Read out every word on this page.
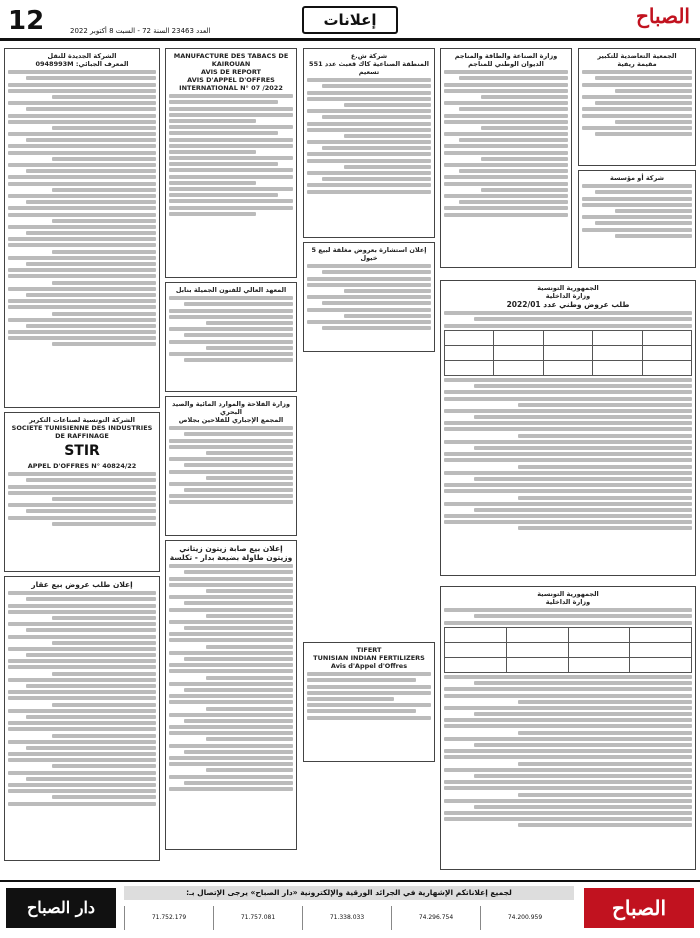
12	العدد 23463 السنة 72 - السبت 8 أكتوبر 2022
إعلانات	الصباح
الجمعية التعاضدية للتكبير
مقيمة ريفية
شركة أو مؤسسة
وزارة الصناعة والطاقة والمناجم
الديوان الوطني للمناجم
شركة ش.ع
المنطقة الصناعية كاك قعبث عدد 551 تسعيم
إعلان استشارة بعروض مغلقة لبيع 5 خيول
TIFERT
TUNISIAN INDIAN FERTILIZERS
Avis d'Appel d'Offres
MANUFACTURE DES TABACS DE KAIROUAN
AVIS DE REPORT
AVIS D'APPEL D'OFFRES INTERNATIONAL N° 07 /2022
المعهد العالي للفنون الجميلة بنابل
وزارة الفلاحة والموارد المائية والصيد البحري
المجمع الإجباري للفلاحين بجلاص
إعلان بيع صابة زيتون زيتاني وزيتون طاولة بضيعة بدار - تكلسة
الشركة الجديدة للنقل
المعرف الجبائي: 0948993M
الشركة التونسية لصناعات التكرير
SOCIETE TUNISIENNE DES INDUSTRIES DE RAFFINAGE
STIR
APPEL D'OFFRES N° 40824/22
إعلان طلب عروض بيع عقار
الجمهورية التونسية
وزارة الداخلية
طلب عروض وطني عدد 2022/01

الجمهورية التونسية
وزارة الداخلية

لجميع إعلاناتكم الإشهارية في الجرائد الورقية والإلكترونية «دار الصباح» يرجى الإتصال بـ:
71.752.179	71.757.081	71.338.033	74.296.754	74.200.959	الصباح
دار الصباح
